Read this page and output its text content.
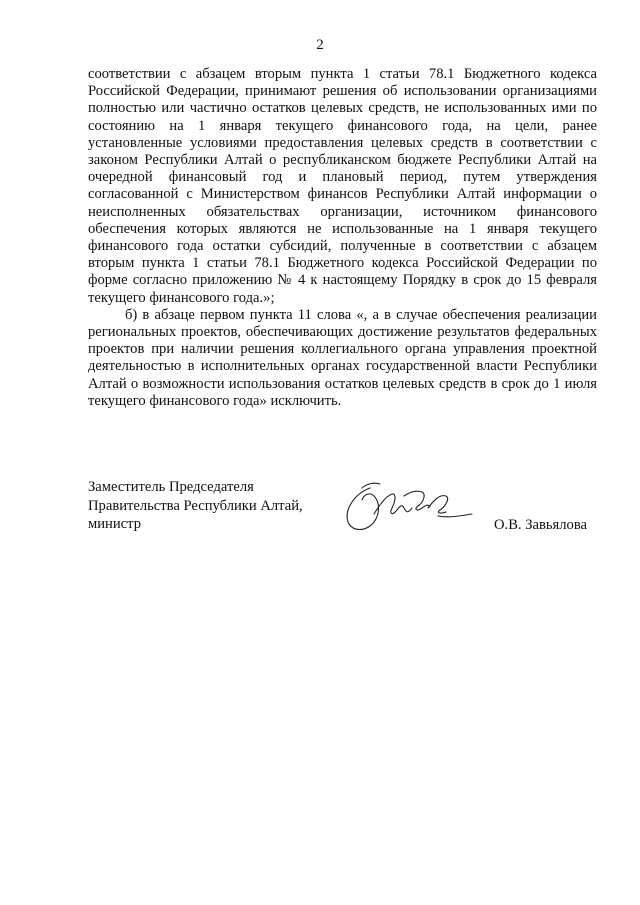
2

соответствии с абзацем вторым пункта 1 статьи 78.1 Бюджетного кодекса Российской Федерации, принимают решения об использовании организациями полностью или частично остатков целевых средств, не использованных ими по состоянию на 1 января текущего финансового года, на цели, ранее установленные условиями предоставления целевых средств в соответствии с законом Республики Алтай о республиканском бюджете Республики Алтай на очередной финансовый год и плановый период, путем утверждения согласованной с Министерством финансов Республики Алтай информации о неисполненных обязательствах организации, источником финансового обеспечения которых являются не использованные на 1 января текущего финансового года остатки субсидий, полученные в соответствии с абзацем вторым пункта 1 статьи 78.1 Бюджетного кодекса Российской Федерации по форме согласно приложению № 4 к настоящему Порядку в срок до 15 февраля текущего финансового года.»;

б) в абзаце первом пункта 11 слова «, а в случае обеспечения реализации региональных проектов, обеспечивающих достижение результатов федеральных проектов при наличии решения коллегиального органа управления проектной деятельностью в исполнительных органах государственной власти Республики Алтай о возможности использования остатков целевых средств в срок до 1 июля текущего финансового года» исключить.

Заместитель Председателя
Правительства Республики Алтай,
министр	О.В. Завьялова
